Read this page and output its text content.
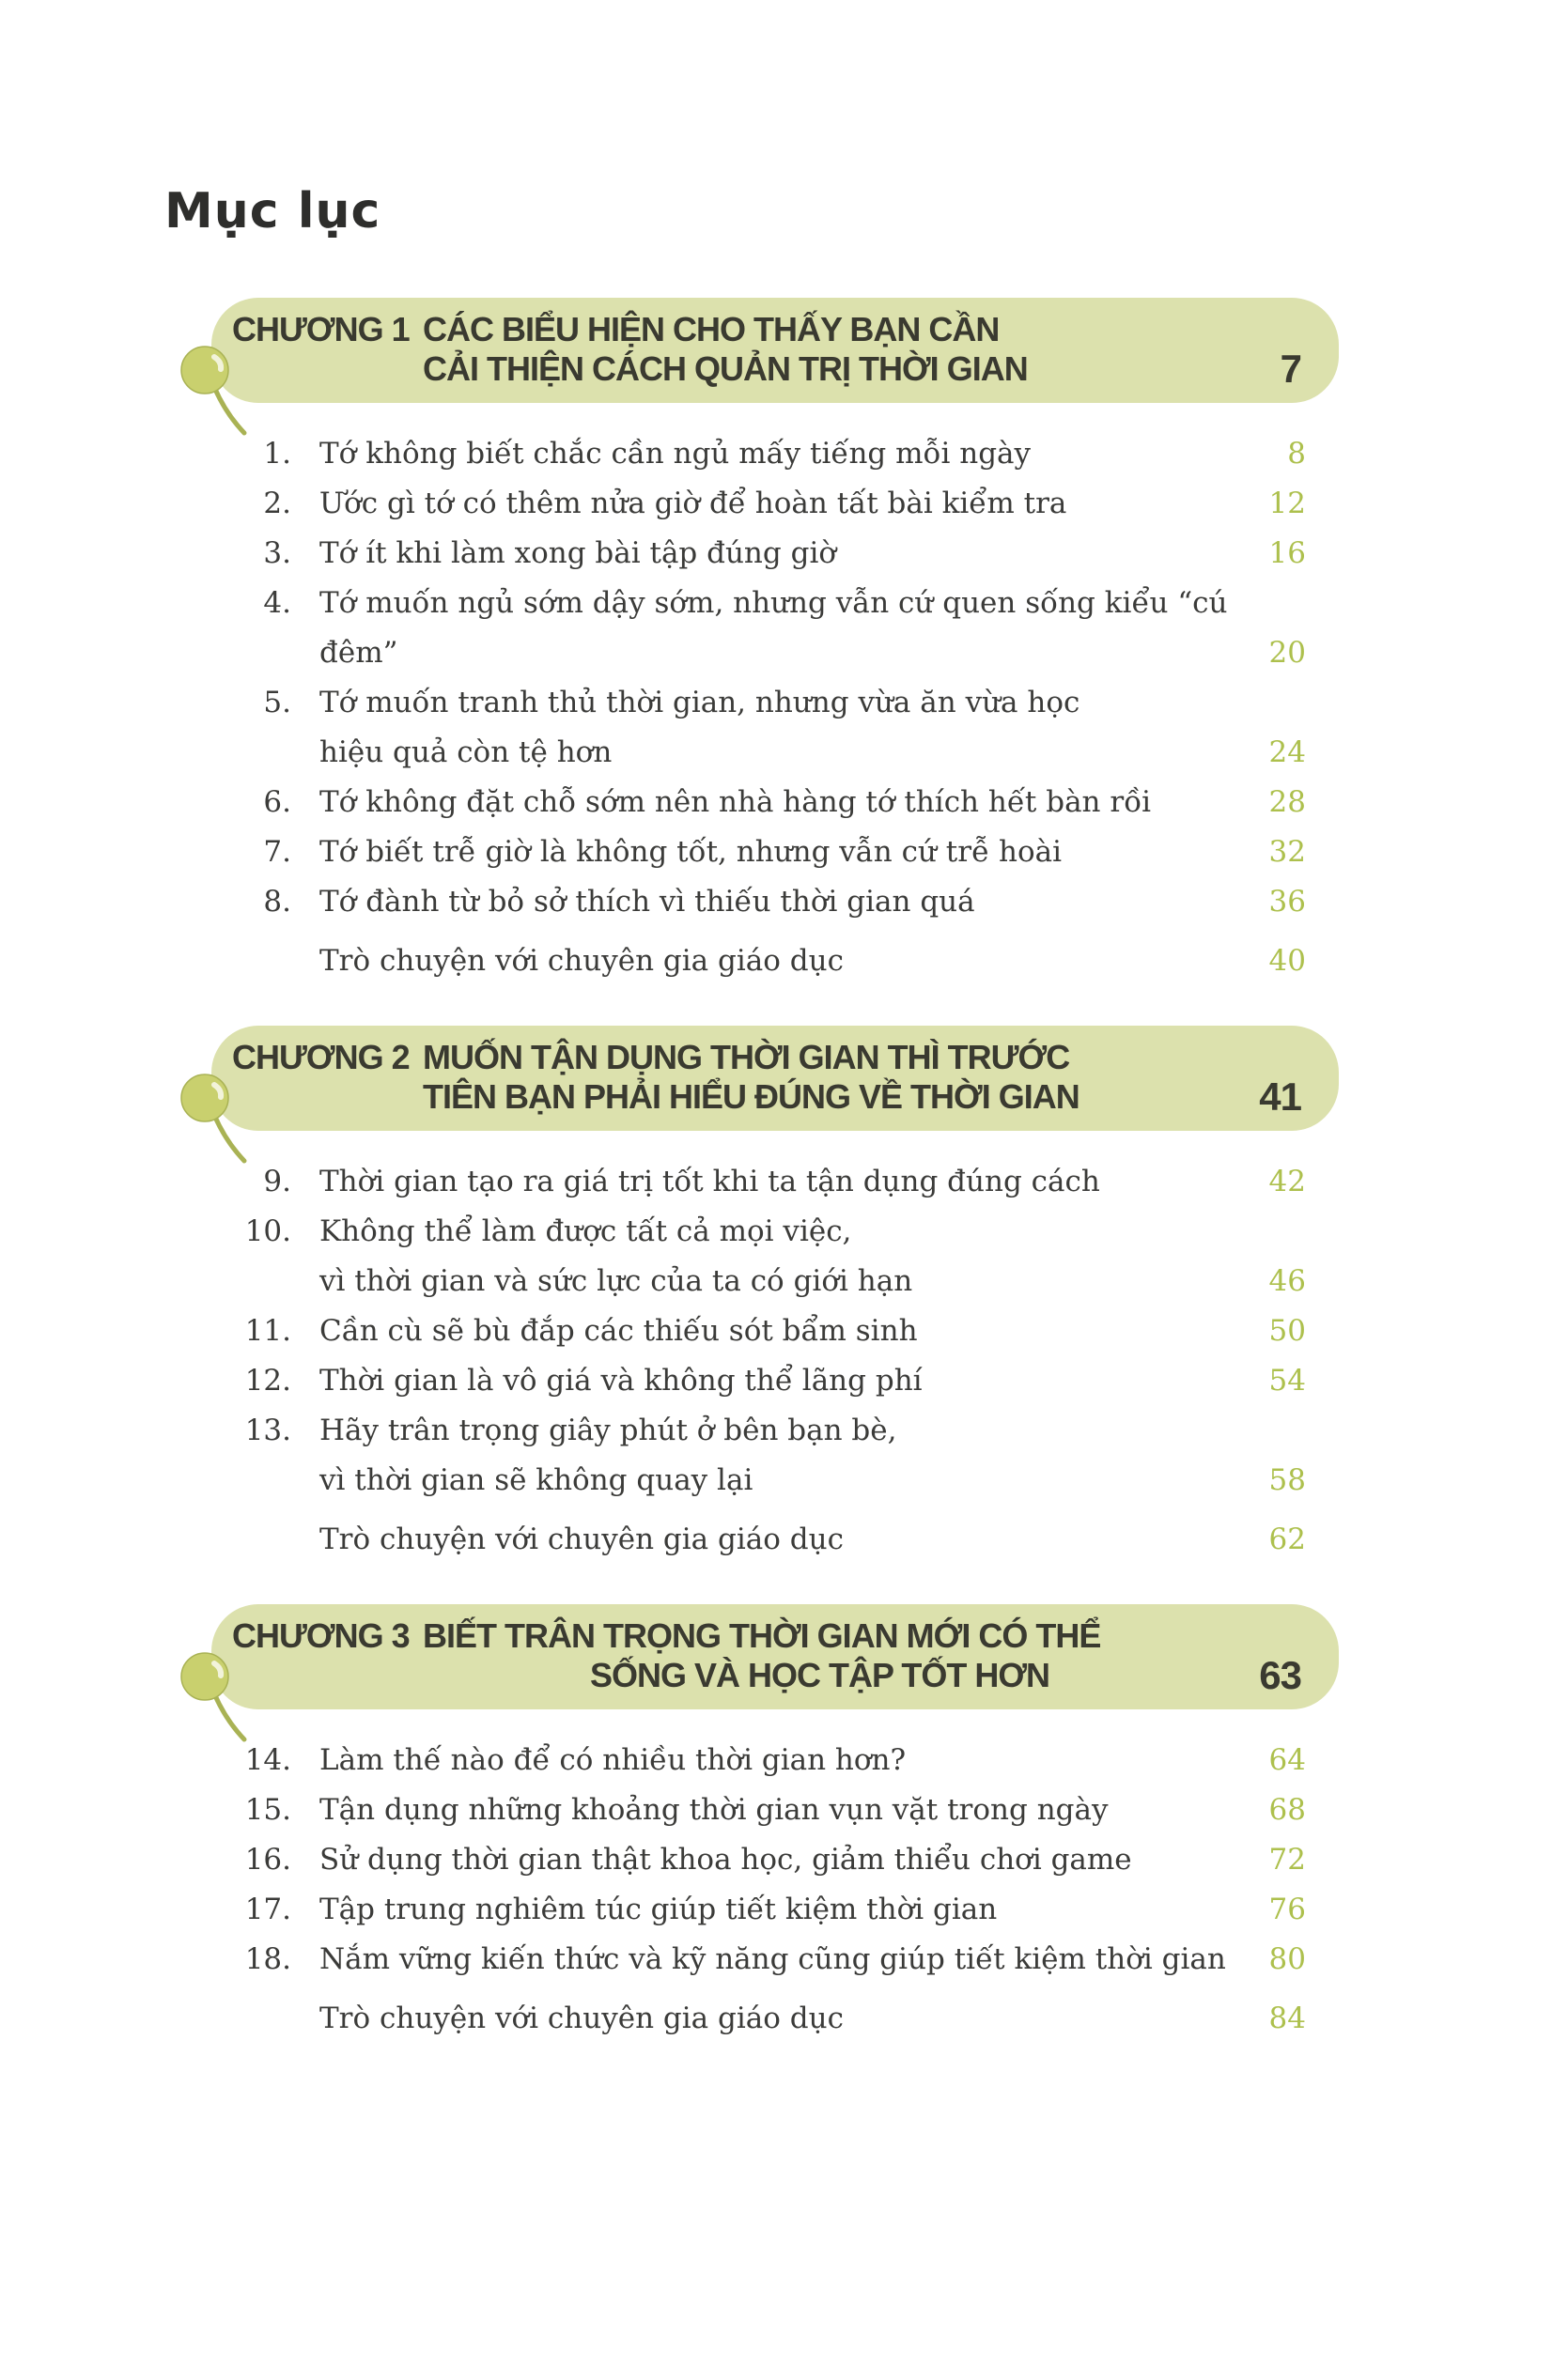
Mục lục
CHƯƠNG 1 CÁC BIỂU HIỆN CHO THẤY BẠN CẦN
CẢI THIỆN CÁCH QUẢN TRỊ THỜI GIAN	7
1. Tớ không biết chắc cần ngủ mấy tiếng mỗi ngày	8
2. Ước gì tớ có thêm nửa giờ để hoàn tất bài kiểm tra	12
3. Tớ ít khi làm xong bài tập đúng giờ	16
4. Tớ muốn ngủ sớm dậy sớm, nhưng vẫn cứ quen sống kiểu “cú đêm”	20
5. Tớ muốn tranh thủ thời gian, nhưng vừa ăn vừa học
hiệu quả còn tệ hơn	24
6. Tớ không đặt chỗ sớm nên nhà hàng tớ thích hết bàn rồi	28
7. Tớ biết trễ giờ là không tốt, nhưng vẫn cứ trễ hoài	32
8. Tớ đành từ bỏ sở thích vì thiếu thời gian quá	36
Trò chuyện với chuyên gia giáo dục	40
CHƯƠNG 2 MUỐN TẬN DỤNG THỜI GIAN THÌ TRƯỚC
TIÊN BẠN PHẢI HIỂU ĐÚNG VỀ THỜI GIAN	41
9. Thời gian tạo ra giá trị tốt khi ta tận dụng đúng cách	42
10. Không thể làm được tất cả mọi việc,
vì thời gian và sức lực của ta có giới hạn	46
11. Cần cù sẽ bù đắp các thiếu sót bẩm sinh	50
12. Thời gian là vô giá và không thể lãng phí	54
13. Hãy trân trọng giây phút ở bên bạn bè,
vì thời gian sẽ không quay lại	58
Trò chuyện với chuyên gia giáo dục	62
CHƯƠNG 3 BIẾT TRÂN TRỌNG THỜI GIAN MỚI CÓ THỂ
SỐNG VÀ HỌC TẬP TỐT HƠN	63
14. Làm thế nào để có nhiều thời gian hơn?	64
15. Tận dụng những khoảng thời gian vụn vặt trong ngày	68
16. Sử dụng thời gian thật khoa học, giảm thiểu chơi game	72
17. Tập trung nghiêm túc giúp tiết kiệm thời gian	76
18. Nắm vững kiến thức và kỹ năng cũng giúp tiết kiệm thời gian	80
Trò chuyện với chuyên gia giáo dục	84
